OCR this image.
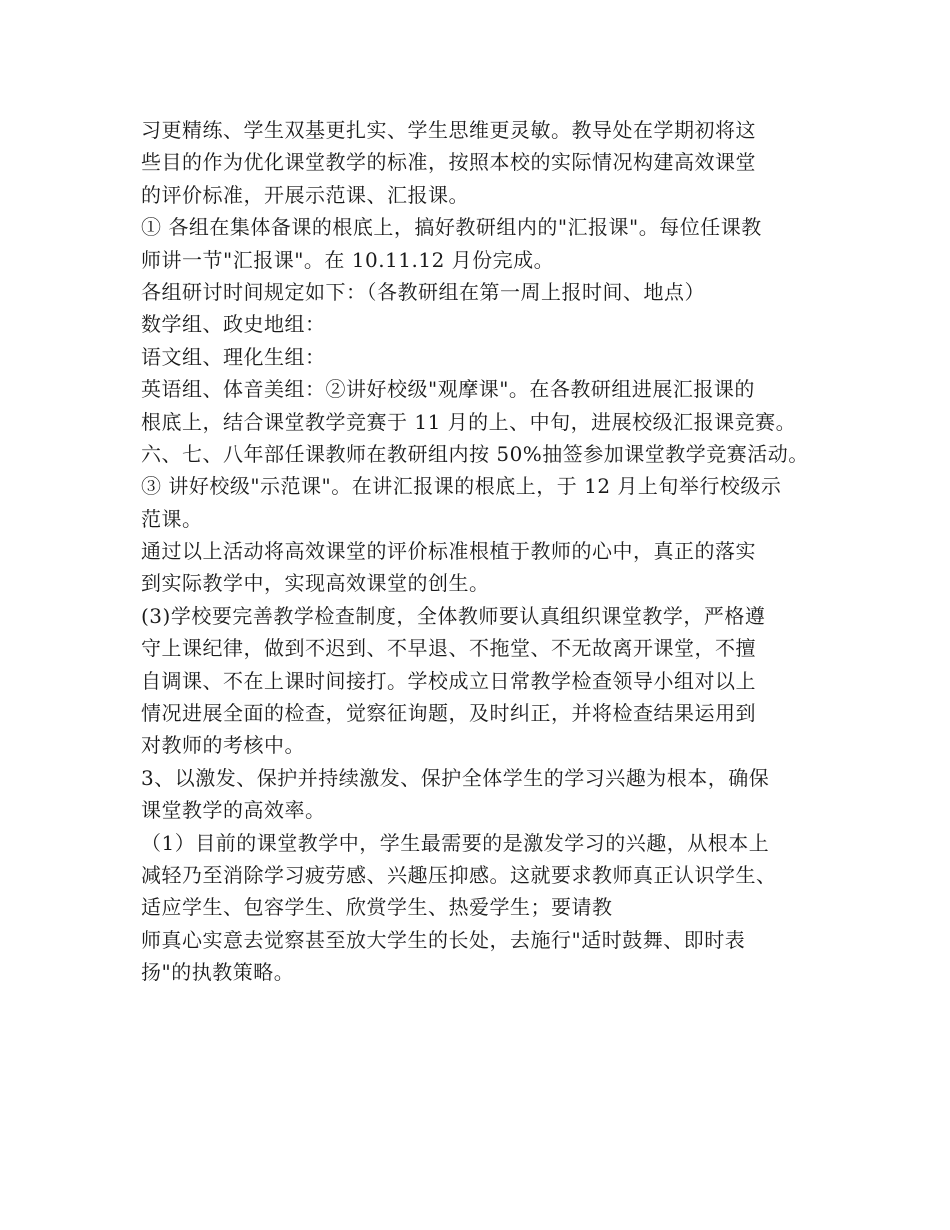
习更精练、学生双基更扎实、学生思维更灵敏。教导处在学期初将这
些目的作为优化课堂教学的标准，按照本校的实际情况构建高效课堂
的评价标准，开展示范课、汇报课。
① 各组在集体备课的根底上，搞好教研组内的"汇报课"。每位任课教
师讲一节"汇报课"。在 10.11.12 月份完成。
各组研讨时间规定如下：（各教研组在第一周上报时间、地点）
数学组、政史地组：
语文组、理化生组：
英语组、体音美组：②讲好校级"观摩课"。在各教研组进展汇报课的
根底上，结合课堂教学竞赛于 11 月的上、中旬，进展校级汇报课竞赛。
六、七、八年部任课教师在教研组内按 50%抽签参加课堂教学竞赛活动。
③ 讲好校级"示范课"。在讲汇报课的根底上，于 12 月上旬举行校级示
范课。
通过以上活动将高效课堂的评价标准根植于教师的心中，真正的落实
到实际教学中，实现高效课堂的创生。
(3)学校要完善教学检查制度，全体教师要认真组织课堂教学，严格遵
守上课纪律，做到不迟到、不早退、不拖堂、不无故离开课堂，不擅
自调课、不在上课时间接打。学校成立日常教学检查领导小组对以上
情况进展全面的检查，觉察征询题，及时纠正，并将检查结果运用到
对教师的考核中。
3、以激发、保护并持续激发、保护全体学生的学习兴趣为根本，确保
课堂教学的高效率。
（1）目前的课堂教学中，学生最需要的是激发学习的兴趣，从根本上
减轻乃至消除学习疲劳感、兴趣压抑感。这就要求教师真正认识学生、
适应学生、包容学生、欣赏学生、热爱学生；要请教
师真心实意去觉察甚至放大学生的长处，去施行"适时鼓舞、即时表
扬"的执教策略。
